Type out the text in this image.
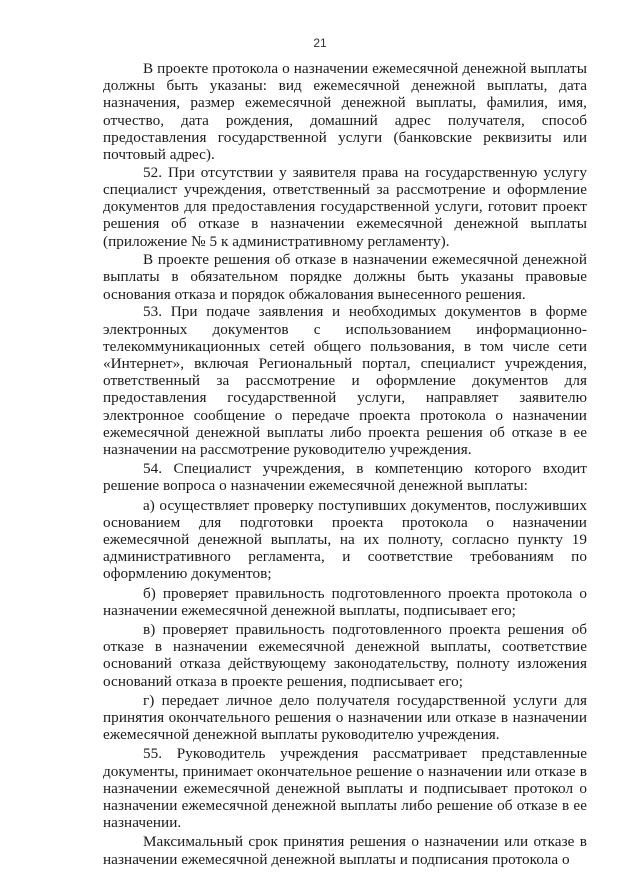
21

В проекте протокола о назначении ежемесячной денежной выплаты должны быть указаны: вид ежемесячной денежной выплаты, дата назначения, размер ежемесячной денежной выплаты, фамилия, имя, отчество, дата рождения, домашний адрес получателя, способ предоставления государственной услуги (банковские реквизиты или почтовый адрес).

52. При отсутствии у заявителя права на государственную услугу специалист учреждения, ответственный за рассмотрение и оформление документов для предоставления государственной услуги, готовит проект решения об отказе в назначении ежемесячной денежной выплаты (приложение № 5 к административному регламенту).

В проекте решения об отказе в назначении ежемесячной денежной выплаты в обязательном порядке должны быть указаны правовые основания отказа и порядок обжалования вынесенного решения.

53. При подаче заявления и необходимых документов в форме электронных документов с использованием информационно-телекоммуникационных сетей общего пользования, в том числе сети «Интернет», включая Региональный портал, специалист учреждения, ответственный за рассмотрение и оформление документов для предоставления государственной услуги, направляет заявителю электронное сообщение о передаче проекта протокола о назначении ежемесячной денежной выплаты либо проекта решения об отказе в ее назначении на рассмотрение руководителю учреждения.

54. Специалист учреждения, в компетенцию которого входит решение вопроса о назначении ежемесячной денежной выплаты:

а) осуществляет проверку поступивших документов, послуживших основанием для подготовки проекта протокола о назначении ежемесячной денежной выплаты, на их полноту, согласно пункту 19 административного регламента, и соответствие требованиям по оформлению документов;

б) проверяет правильность подготовленного проекта протокола о назначении ежемесячной денежной выплаты, подписывает его;

в) проверяет правильность подготовленного проекта решения об отказе в назначении ежемесячной денежной выплаты, соответствие оснований отказа действующему законодательству, полноту изложения оснований отказа в проекте решения, подписывает его;

г) передает личное дело получателя государственной услуги для принятия окончательного решения о назначении или отказе в назначении ежемесячной денежной выплаты руководителю учреждения.

55. Руководитель учреждения рассматривает представленные документы, принимает окончательное решение о назначении или отказе в назначении ежемесячной денежной выплаты и подписывает протокол о назначении ежемесячной денежной выплаты либо решение об отказе в ее назначении.

Максимальный срок принятия решения о назначении или отказе в назначении ежемесячной денежной выплаты и подписания протокола о
